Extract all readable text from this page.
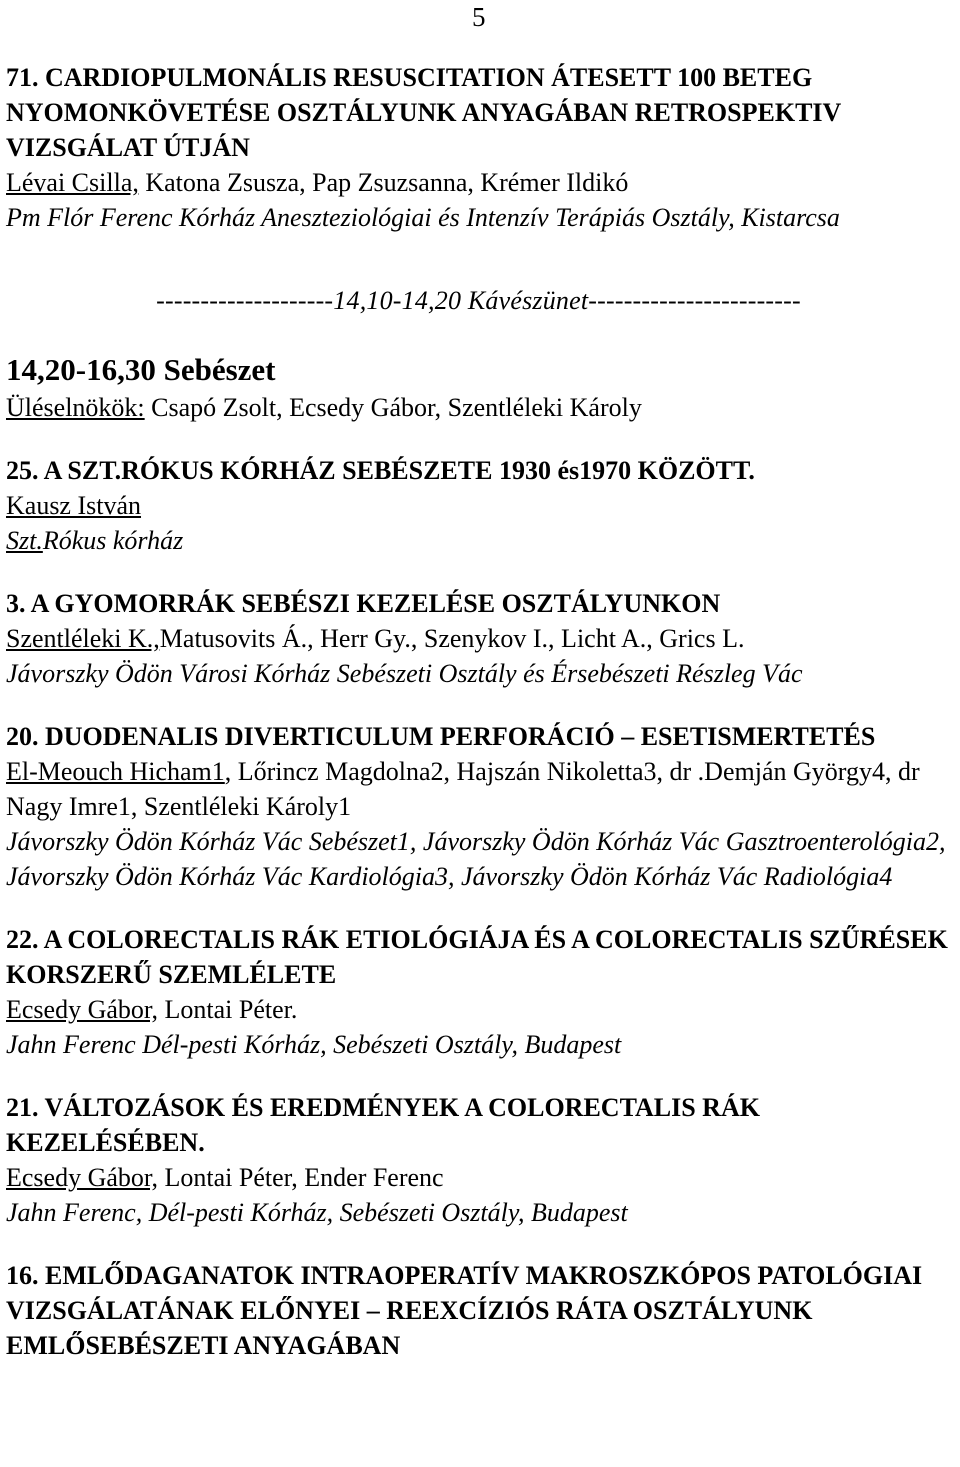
5

71. CARDIOPULMONÁLIS RESUSCITATION ÁTESETT 100 BETEG NYOMONKÖVETÉSE OSZTÁLYUNK ANYAGÁBAN RETROSPEKTIV VIZSGÁLAT ÚTJÁN

Lévai Csilla, Katona Zsusza, Pap Zsuzsanna, Krémer Ildikó

Pm Flór Ferenc Kórház Aneszteziológiai és Intenzív Terápiás Osztály, Kistarcsa

--------------------14,10-14,20 Kávészünet------------------------

14,20-16,30 Sebészet

Üléselnökök: Csapó Zsolt, Ecsedy Gábor, Szentléleki Károly

25. A SZT.RÓKUS KÓRHÁZ SEBÉSZETE 1930 és1970 KÖZÖTT.

Kausz István

Szt.Rókus kórház

3. A GYOMORRÁK SEBÉSZI KEZELÉSE OSZTÁLYUNKON

Szentléleki K.,Matusovits Á., Herr Gy., Szenykov I., Licht A., Grics L.

Jávorszky Ödön Városi Kórház Sebészeti Osztály és Érsebészeti Részleg Vác

20. DUODENALIS DIVERTICULUM PERFORÁCIÓ – ESETISMERTETÉS

El-Meouch Hicham1, Lőrincz Magdolna2, Hajszán Nikoletta3, dr .Demján György4, dr Nagy Imre1, Szentléleki Károly1

Jávorszky Ödön Kórház Vác Sebészet1, Jávorszky Ödön Kórház Vác Gasztroenterológia2, Jávorszky Ödön Kórház Vác Kardiológia3, Jávorszky Ödön Kórház Vác Radiológia4

22. A COLORECTALIS RÁK ETIOLÓGIÁJA ÉS A COLORECTALIS SZŰRÉSEK KORSZERŰ SZEMLÉLETE

Ecsedy Gábor, Lontai Péter.

Jahn Ferenc Dél-pesti Kórház, Sebészeti Osztály, Budapest

21. VÁLTOZÁSOK ÉS EREDMÉNYEK A COLORECTALIS RÁK KEZELÉSÉBEN.

Ecsedy Gábor, Lontai Péter, Ender Ferenc

Jahn Ferenc, Dél-pesti Kórház, Sebészeti Osztály, Budapest

16. EMLŐDAGANATOK INTRAOPERATÍV MAKROSZKÓPOS PATOLÓGIAI VIZSGÁLATÁNAK ELŐNYEI – REEXCÍZIÓS RÁTA OSZTÁLYUNK EMLŐSEBÉSZETI ANYAGÁBAN
